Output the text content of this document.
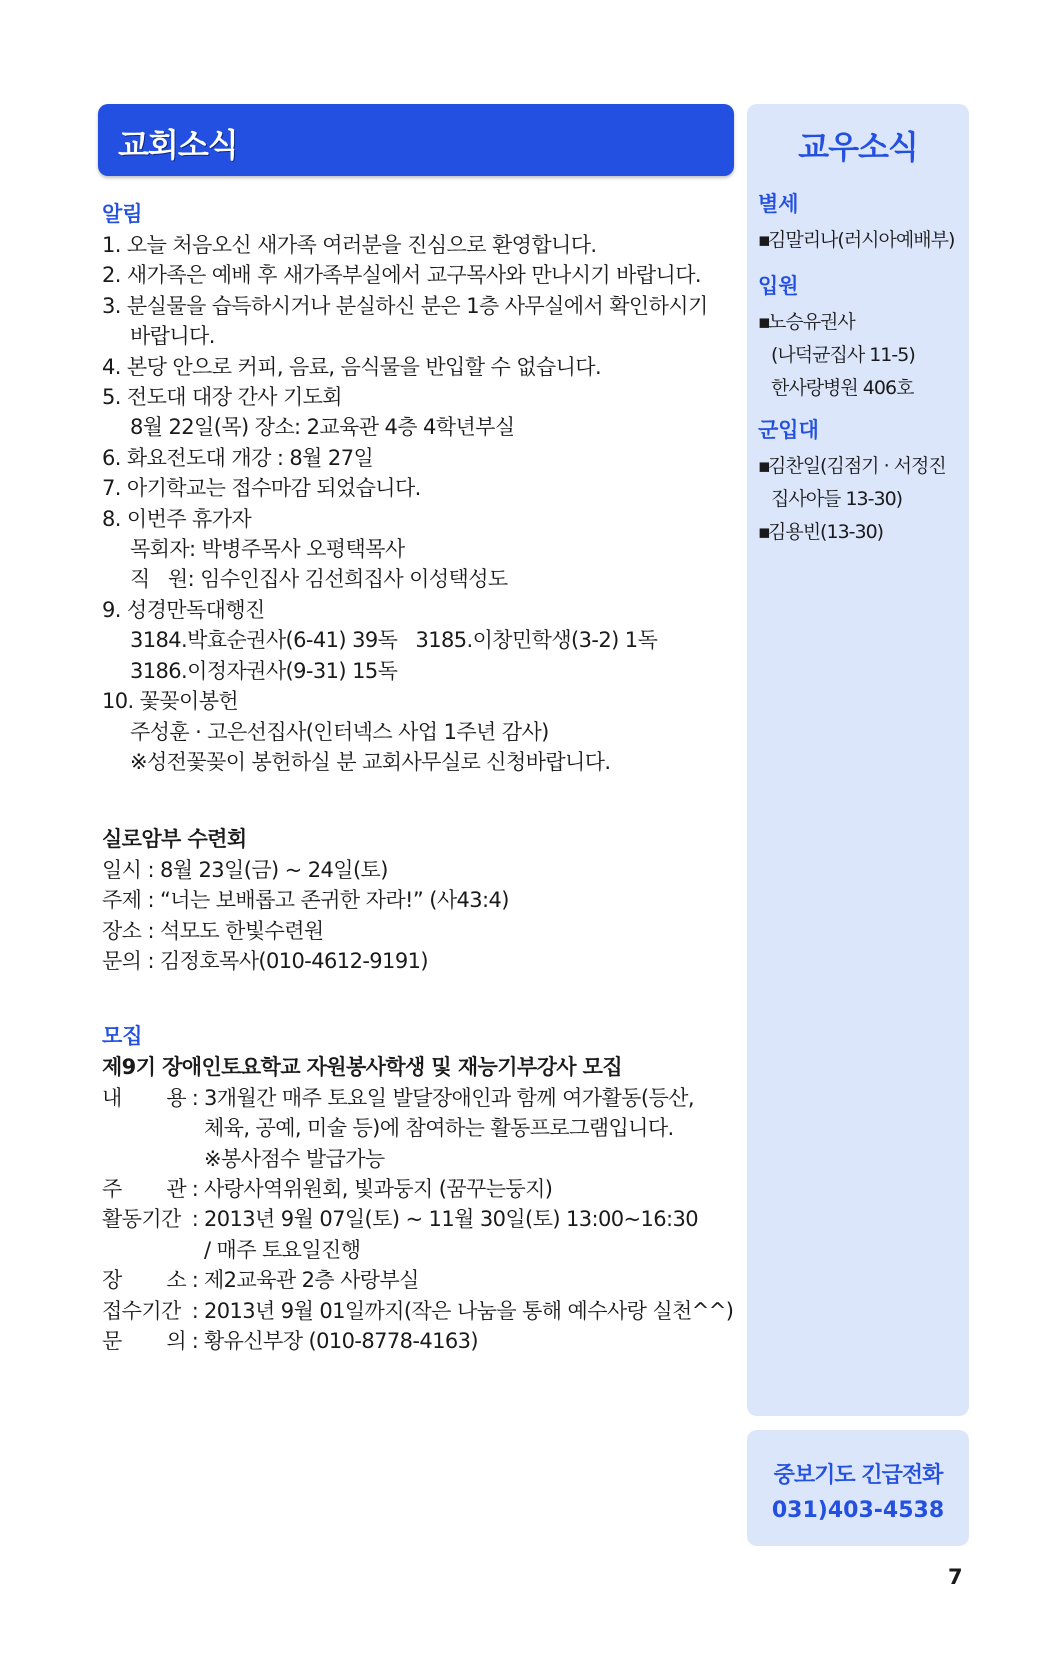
교회소식	교우소식
별세
▪김말리나(러시아예배부)
입원
▪노승유권사
(나덕균집사 11-5)
한사랑병원 406호
군입대
▪김찬일(김점기 · 서정진
집사아들 13-30)
▪김용빈(13-30)
중보기도 긴급전화
031)403-4538
알림
1. 오늘 처음오신 새가족 여러분을 진심으로 환영합니다.
2. 새가족은 예배 후 새가족부실에서 교구목사와 만나시기 바랍니다.
3. 분실물을 습득하시거나 분실하신 분은 1층 사무실에서 확인하시기
바랍니다.
4. 본당 안으로 커피, 음료, 음식물을 반입할 수 없습니다.
5. 전도대 대장 간사 기도회
8월 22일(목) 장소: 2교육관 4층 4학년부실
6. 화요전도대 개강 : 8월 27일
7. 아기학교는 접수마감 되었습니다.
8. 이번주 휴가자
목회자: 박병주목사 오평택목사
직   원: 임수인집사 김선희집사 이성택성도
9. 성경만독대행진
3184.박효순권사(6-41) 39독   3185.이창민학생(3-2) 1독
3186.이정자권사(9-31) 15독
10. 꽃꽂이봉헌
주성훈 · 고은선집사(인터넥스 사업 1주년 감사)
※성전꽃꽂이 봉헌하실 분 교회사무실로 신청바랍니다.
실로암부 수련회
일시 : 8월 23일(금) ~ 24일(토)
주제 : “너는 보배롭고 존귀한 자라!” (사43:4)
장소 : 석모도 한빛수련원
문의 : 김정호목사(010-4612-9191)
모집
제9기 장애인토요학교 자원봉사학생 및 재능기부강사 모집
내 용 : 3개월간 매주 토요일 발달장애인과 함께 여가활동(등산,
체육, 공예, 미술 등)에 참여하는 활동프로그램입니다.
※봉사점수 발급가능
주 관 : 사랑사역위원회, 빛과둥지 (꿈꾸는둥지)
활동기간 : 2013년 9월 07일(토) ~ 11월 30일(토) 13:00~16:30
/ 매주 토요일진행
장 소 : 제2교육관 2층 사랑부실
접수기간 : 2013년 9월 01일까지(작은 나눔을 통해 예수사랑 실천^^)
문 의 : 황유신부장 (010-8778-4163)
7
